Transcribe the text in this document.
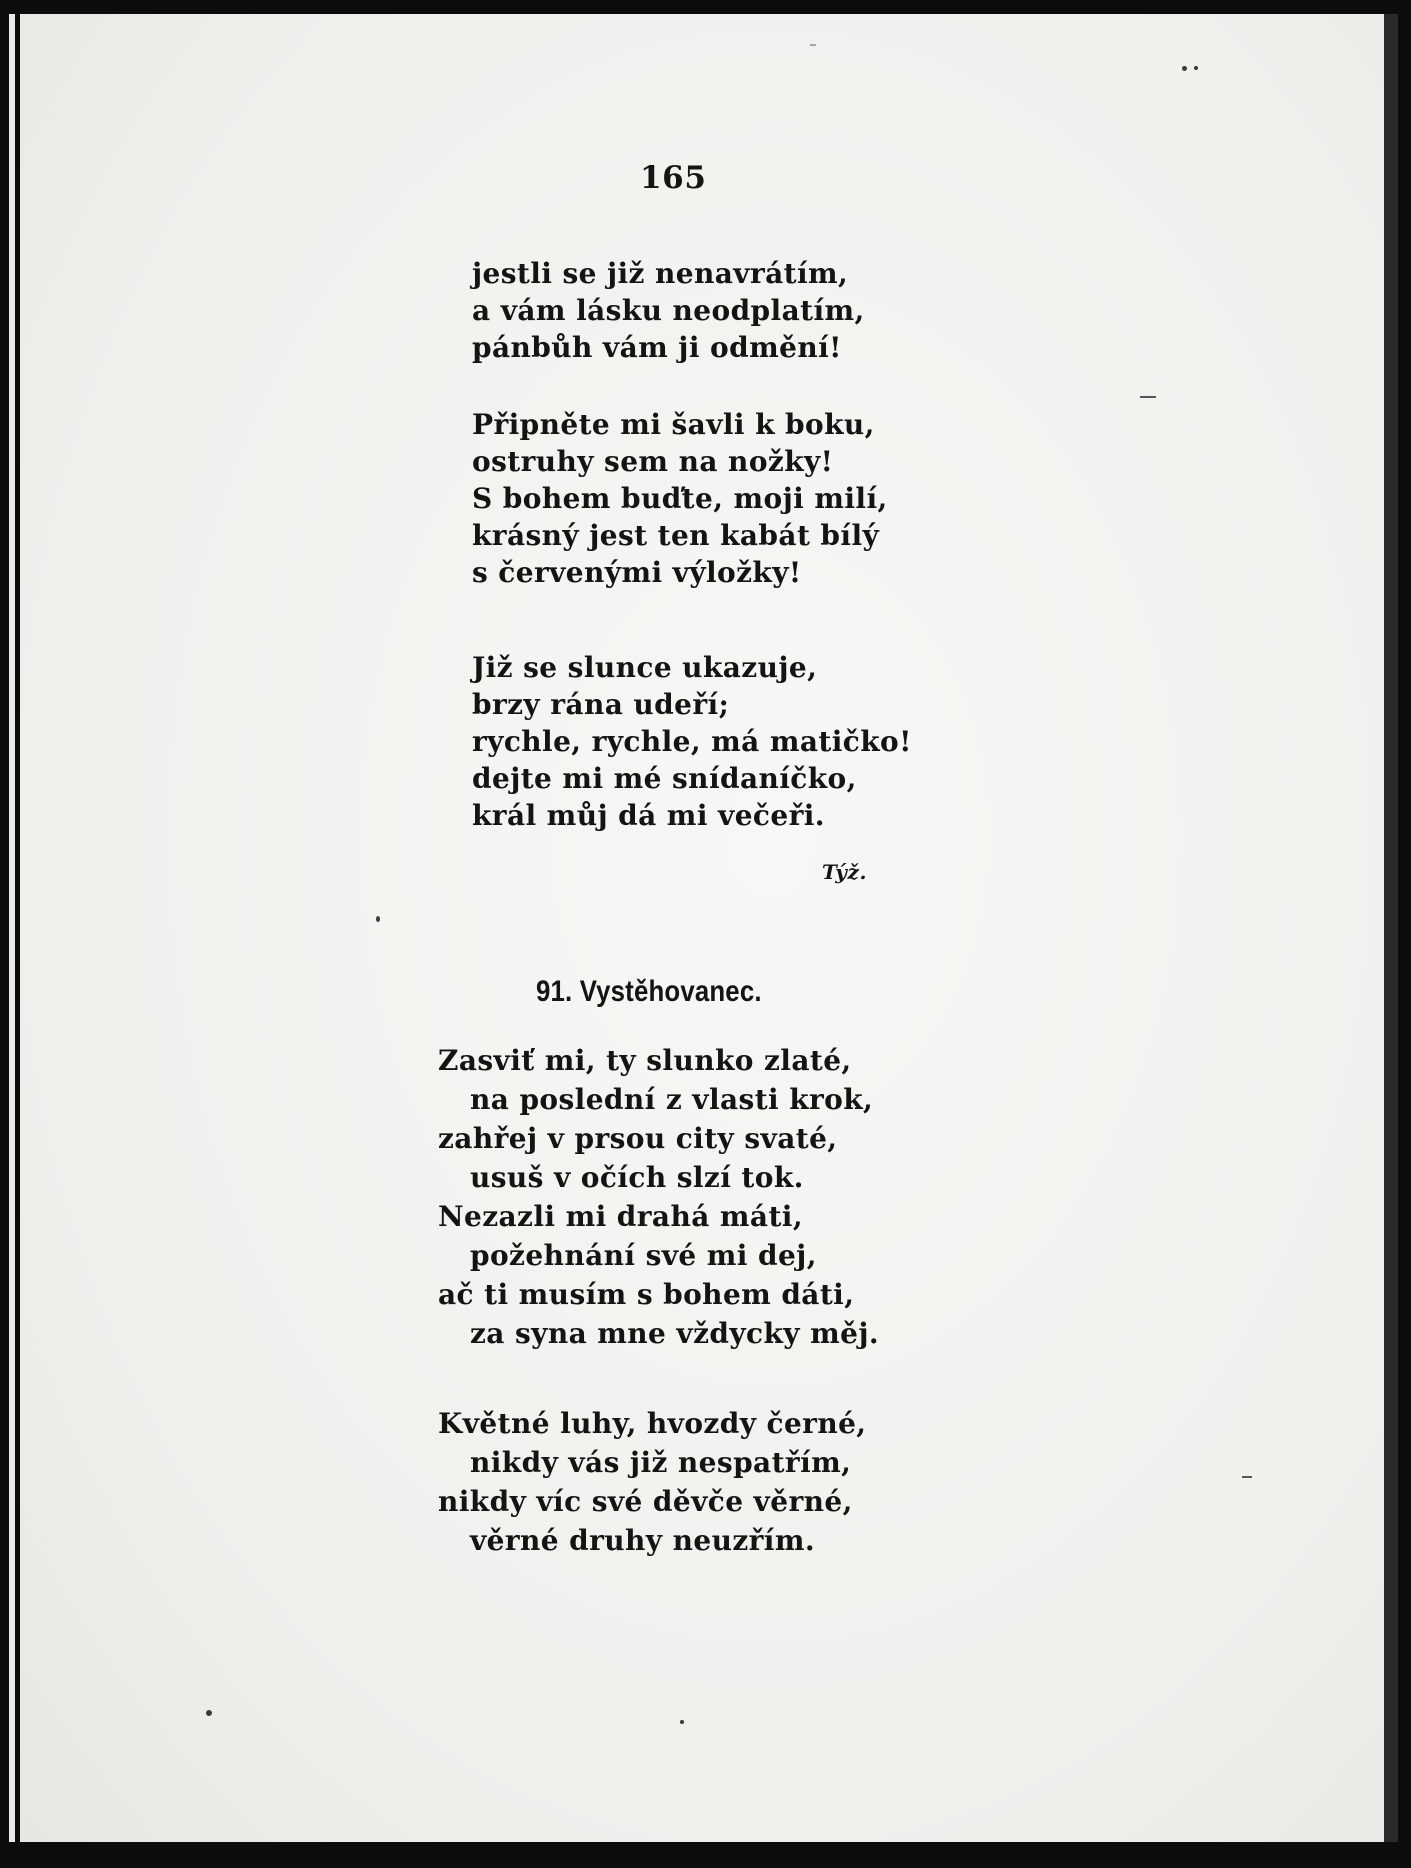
165
jestli se již nenavrátím,
a vám lásku neodplatím,
pánbůh vám ji odmění!
Připněte mi šavli k boku,
ostruhy sem na nožky!
S bohem buďte, moji milí,
krásný jest ten kabát bílý
s červenými výložky!
Již se slunce ukazuje,
brzy rána udeří;
rychle, rychle, má matičko!
dejte mi mé snídaníčko,
král můj dá mi večeři.
Týž.
91. Vystěhovanec.
Zasviť mi, ty slunko zlaté,
na poslední z vlasti krok,
zahřej v prsou city svaté,
usuš v očích slzí tok.
Nezazli mi drahá máti,
požehnání své mi dej,
ač ti musím s bohem dáti,
za syna mne vždycky měj.
Květné luhy, hvozdy černé,
nikdy vás již nespatřím,
nikdy víc své děvče věrné,
věrné druhy neuzřím.
